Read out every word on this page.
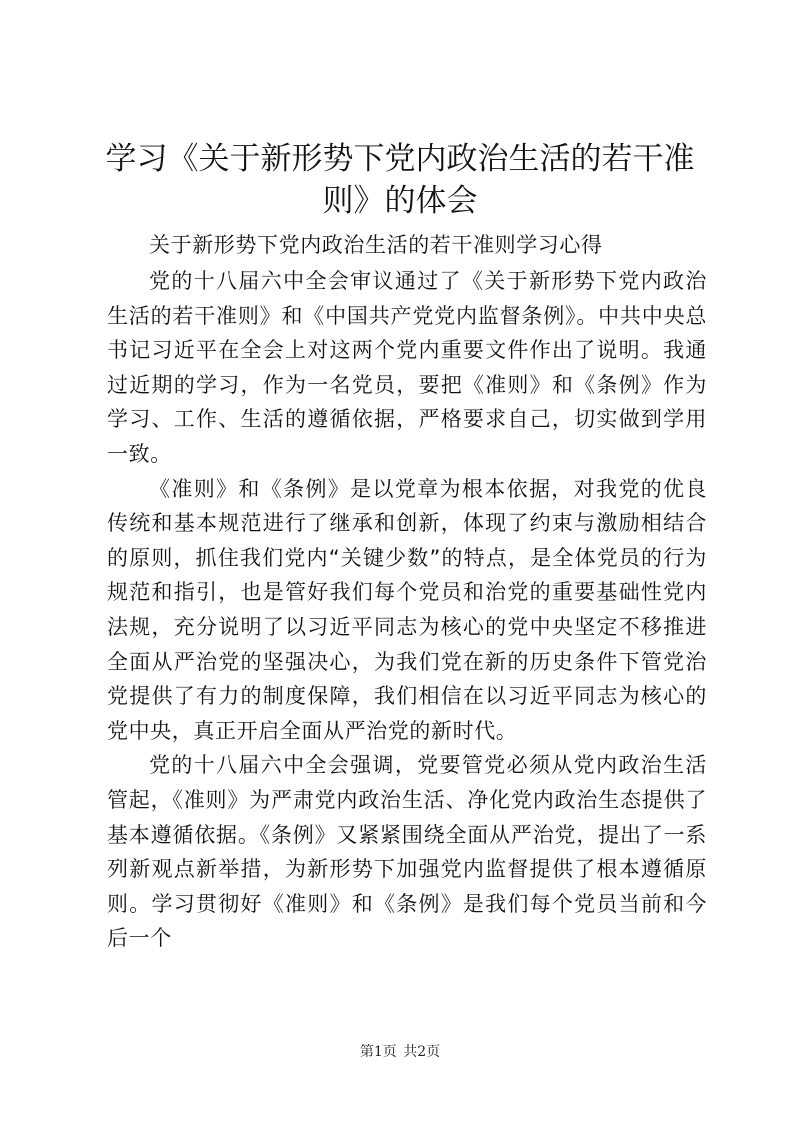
学习《关于新形势下党内政治生活的若干准
则》的体会

关于新形势下党内政治生活的若干准则学习心得

党的十八届六中全会审议通过了《关于新形势下党内政治生活的若干准则》和《中国共产党党内监督条例》。中共中央总书记习近平在全会上对这两个党内重要文件作出了说明。我通过近期的学习，作为一名党员，要把《准则》和《条例》作为学习、工作、生活的遵循依据，严格要求自己，切实做到学用一致。

《准则》和《条例》是以党章为根本依据，对我党的优良传统和基本规范进行了继承和创新，体现了约束与激励相结合的原则，抓住我们党内“关键少数”的特点，是全体党员的行为规范和指引，也是管好我们每个党员和治党的重要基础性党内法规，充分说明了以习近平同志为核心的党中央坚定不移推进全面从严治党的坚强决心，为我们党在新的历史条件下管党治党提供了有力的制度保障，我们相信在以习近平同志为核心的党中央，真正开启全面从严治党的新时代。

党的十八届六中全会强调，党要管党必须从党内政治生活管起，《准则》为严肃党内政治生活、净化党内政治生态提供了基本遵循依据。《条例》又紧紧围绕全面从严治党，提出了一系列新观点新举措，为新形势下加强党内监督提供了根本遵循原则。学习贯彻好《准则》和《条例》是我们每个党员当前和今后一个

第1页 共2页
